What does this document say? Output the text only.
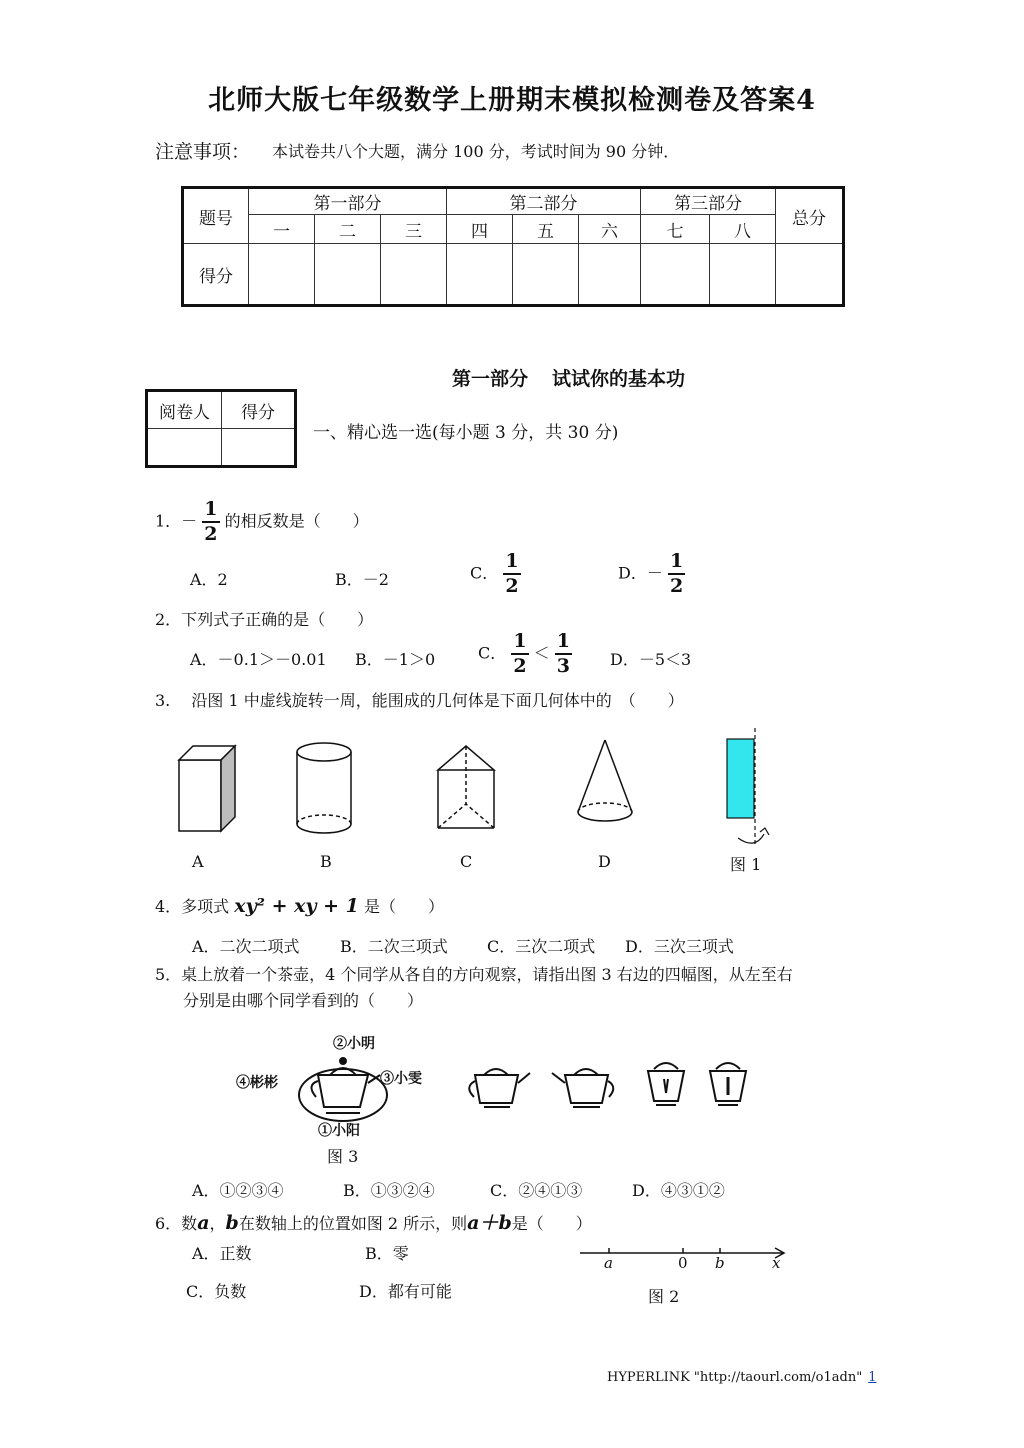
北师大版七年级数学上册期末模拟检测卷及答案4
注意事项： 本试卷共八个大题，满分 100 分，考试时间为 90 分钟．
题号	第一部分			第二部分			第三部分		总分
	一	二	三	四	五	六	七	八	
得分									
第一部分 试试你的基本功
阅卷人	得分

一、精心选一选(每小题 3 分，共 30 分)
1．－ $\frac{1}{2}$ 的相反数是（　　）
A．2	B．－2	C． $\frac{1}{2}$	D．－ $\frac{1}{2}$
2．下列式子正确的是（　　）
A．－0.1＞－0.01 B．－1＞0	C． $\frac{1}{2} < \frac{1}{3}$ D．－5＜3
3.　 沿图 1 中虚线旋转一周，能围成的几何体是下面几何体中的　（　　）
A	B	C	D	图 1
4．多项式 xy² + xy + 1 是（　　）
A．二次二项式	B．二次三项式 C．三次二项式 D．三次三项式
5．桌上放着一个茶壶，4 个同学从各自的方向观察，请指出图 3 右边的四幅图，从左至右
分别是由哪个同学看到的（　　）
②小明
④彬彬	③小雯
①小阳
图 3
A．①②③④	B．①③②④	C．②④①③	D．④③①②
6．数a，b在数轴上的位置如图 2 所示，则a＋b是（　　）
A．正数	B．零
C．负数	D．都有可能
a	0 b	x
图 2
HYPERLINK "http://taourl.com/o1adn" 1
